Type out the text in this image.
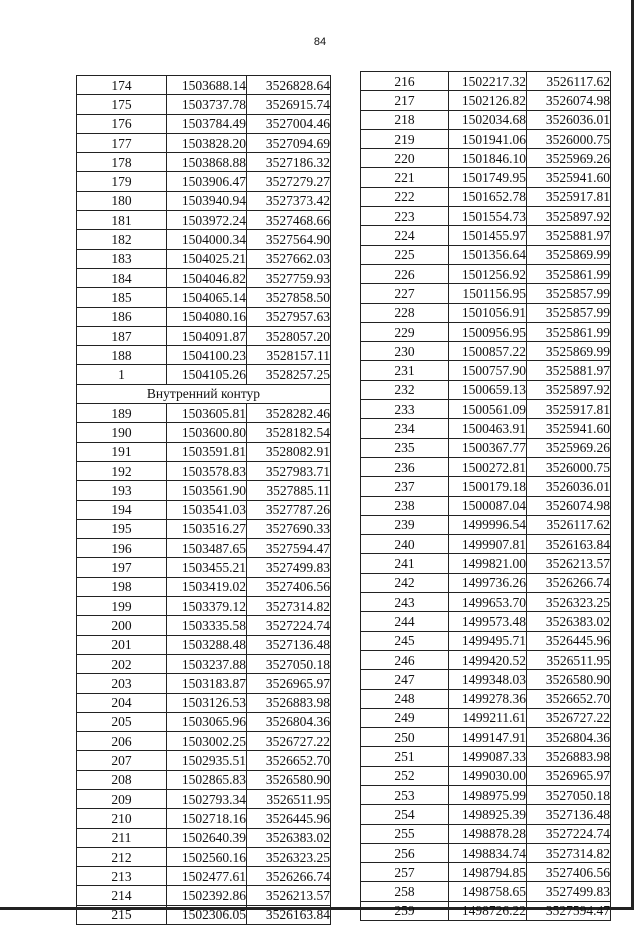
84
174	1503688.14	3526828.64
175	1503737.78	3526915.74
176	1503784.49	3527004.46
177	1503828.20	3527094.69
178	1503868.88	3527186.32
179	1503906.47	3527279.27
180	1503940.94	3527373.42
181	1503972.24	3527468.66
182	1504000.34	3527564.90
183	1504025.21	3527662.03
184	1504046.82	3527759.93
185	1504065.14	3527858.50
186	1504080.16	3527957.63
187	1504091.87	3528057.20
188	1504100.23	3528157.11
1	1504105.26	3528257.25
Внутренний контур		
189	1503605.81	3528282.46
190	1503600.80	3528182.54
191	1503591.81	3528082.91
192	1503578.83	3527983.71
193	1503561.90	3527885.11
194	1503541.03	3527787.26
195	1503516.27	3527690.33
196	1503487.65	3527594.47
197	1503455.21	3527499.83
198	1503419.02	3527406.56
199	1503379.12	3527314.82
200	1503335.58	3527224.74
201	1503288.48	3527136.48
202	1503237.88	3527050.18
203	1503183.87	3526965.97
204	1503126.53	3526883.98
205	1503065.96	3526804.36
206	1503002.25	3526727.22
207	1502935.51	3526652.70
208	1502865.83	3526580.90
209	1502793.34	3526511.95
210	1502718.16	3526445.96
211	1502640.39	3526383.02
212	1502560.16	3526323.25
213	1502477.61	3526266.74
214	1502392.86	3526213.57
215	1502306.05	3526163.84
216	1502217.32	3526117.62
217	1502126.82	3526074.98
218	1502034.68	3526036.01
219	1501941.06	3526000.75
220	1501846.10	3525969.26
221	1501749.95	3525941.60
222	1501652.78	3525917.81
223	1501554.73	3525897.92
224	1501455.97	3525881.97
225	1501356.64	3525869.99
226	1501256.92	3525861.99
227	1501156.95	3525857.99
228	1501056.91	3525857.99
229	1500956.95	3525861.99
230	1500857.22	3525869.99
231	1500757.90	3525881.97
232	1500659.13	3525897.92
233	1500561.09	3525917.81
234	1500463.91	3525941.60
235	1500367.77	3525969.26
236	1500272.81	3526000.75
237	1500179.18	3526036.01
238	1500087.04	3526074.98
239	1499996.54	3526117.62
240	1499907.81	3526163.84
241	1499821.00	3526213.57
242	1499736.26	3526266.74
243	1499653.70	3526323.25
244	1499573.48	3526383.02
245	1499495.71	3526445.96
246	1499420.52	3526511.95
247	1499348.03	3526580.90
248	1499278.36	3526652.70
249	1499211.61	3526727.22
250	1499147.91	3526804.36
251	1499087.33	3526883.98
252	1499030.00	3526965.97
253	1498975.99	3527050.18
254	1498925.39	3527136.48
255	1498878.28	3527224.74
256	1498834.74	3527314.82
257	1498794.85	3527406.56
258	1498758.65	3527499.83
259	1498726.22	3527594.47
